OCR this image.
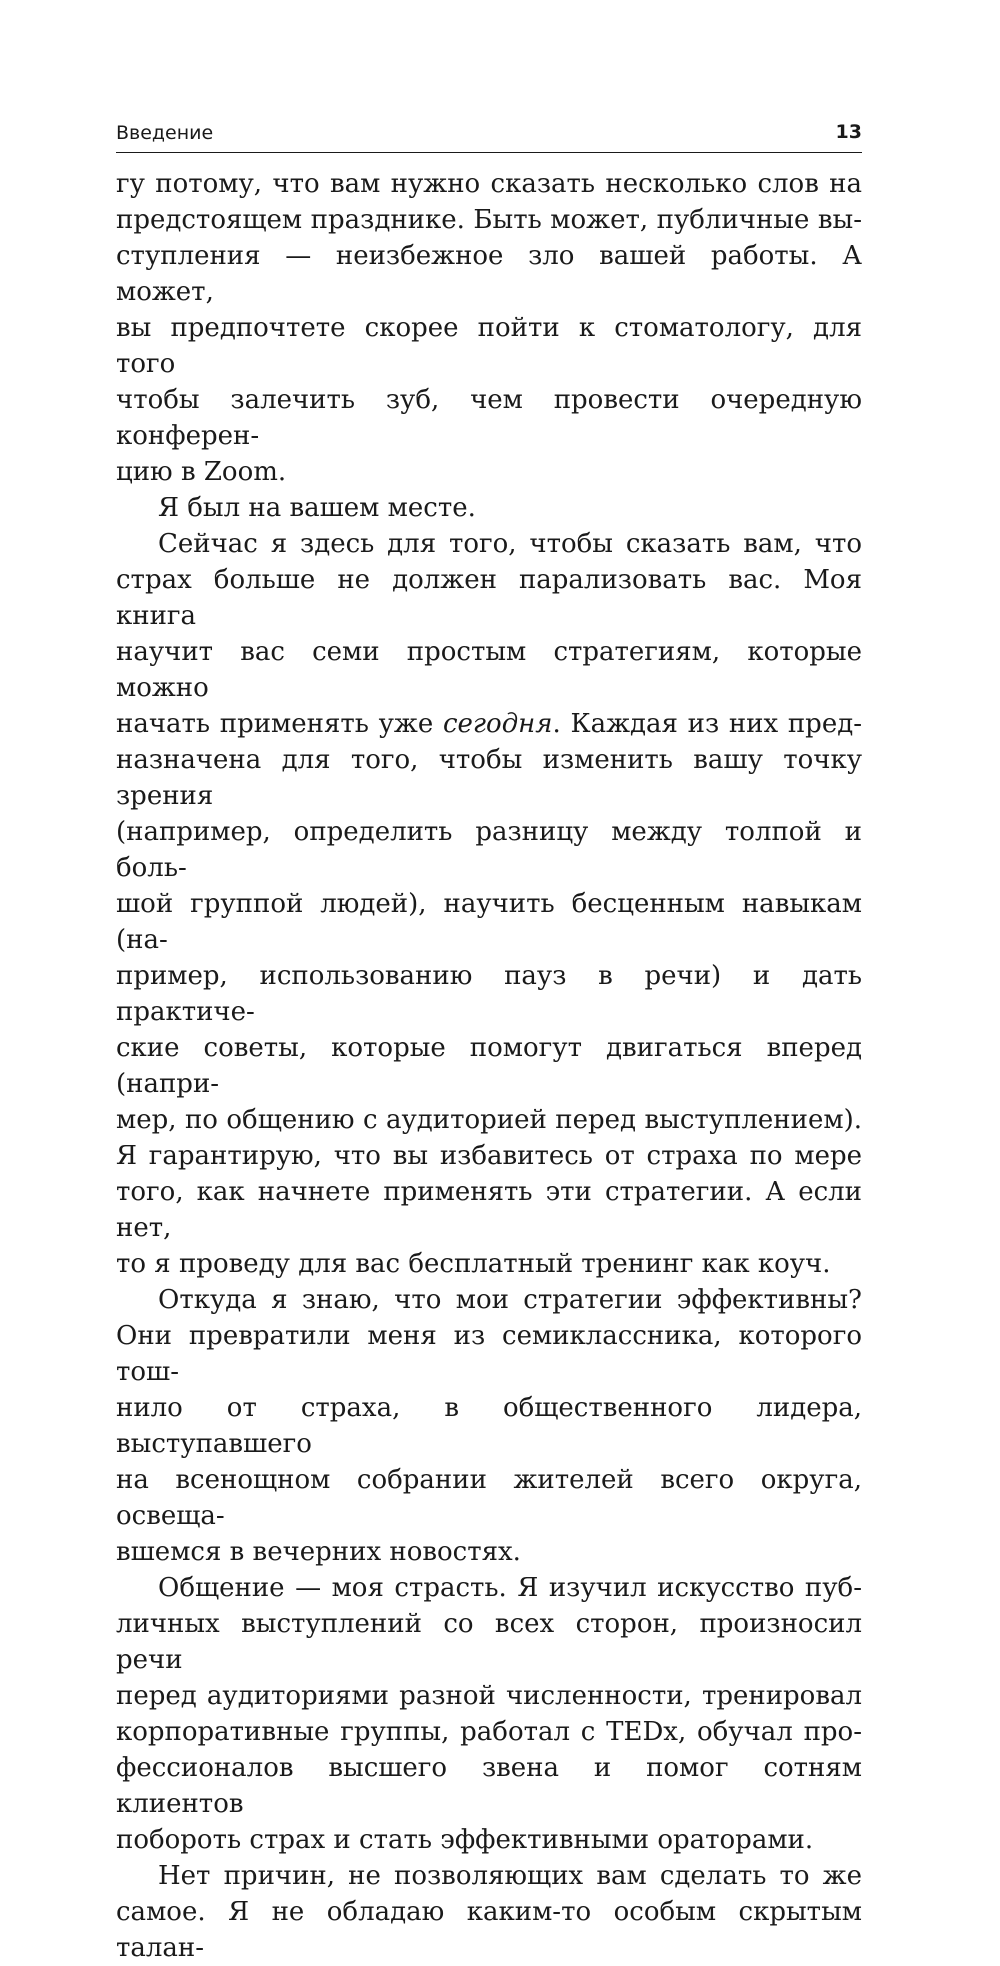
Введение	13

гу потому, что вам нужно сказать несколько слов на

предстоящем празднике. Быть может, публичные вы-

ступления — неизбежное зло вашей работы. А может,

вы предпочтете скорее пойти к стоматологу, для того

чтобы залечить зуб, чем провести очередную конферен-

цию в Zoom.

Я был на вашем месте.

Сейчас я здесь для того, чтобы сказать вам, что

страх больше не должен парализовать вас. Моя книга

научит вас семи простым стратегиям, которые можно

начать применять уже сегодня. Каждая из них пред-

назначена для того, чтобы изменить вашу точку зрения

(например, определить разницу между толпой и боль-

шой группой людей), научить бесценным навыкам (на-

пример, использованию пауз в речи) и дать практиче-

ские советы, которые помогут двигаться вперед (напри-

мер, по общению с аудиторией перед выступлением).

Я гарантирую, что вы избавитесь от страха по мере

того, как начнете применять эти стратегии. А если нет,

то я проведу для вас бесплатный тренинг как коуч.

Откуда я знаю, что мои стратегии эффективны?

Они превратили меня из семиклассника, которого тош-

нило от страха, в общественного лидера, выступавшего

на всенощном собрании жителей всего округа, освеща-

вшемся в вечерних новостях.

Общение — моя страсть. Я изучил искусство пуб-

личных выступлений со всех сторон, произносил речи

перед аудиториями разной численности, тренировал

корпоративные группы, работал с TEDx, обучал про-

фессионалов высшего звена и помог сотням клиентов

побороть страх и стать эффективными ораторами.

Нет причин, не позволяющих вам сделать то же

самое. Я не обладаю каким-то особым скрытым талан-
